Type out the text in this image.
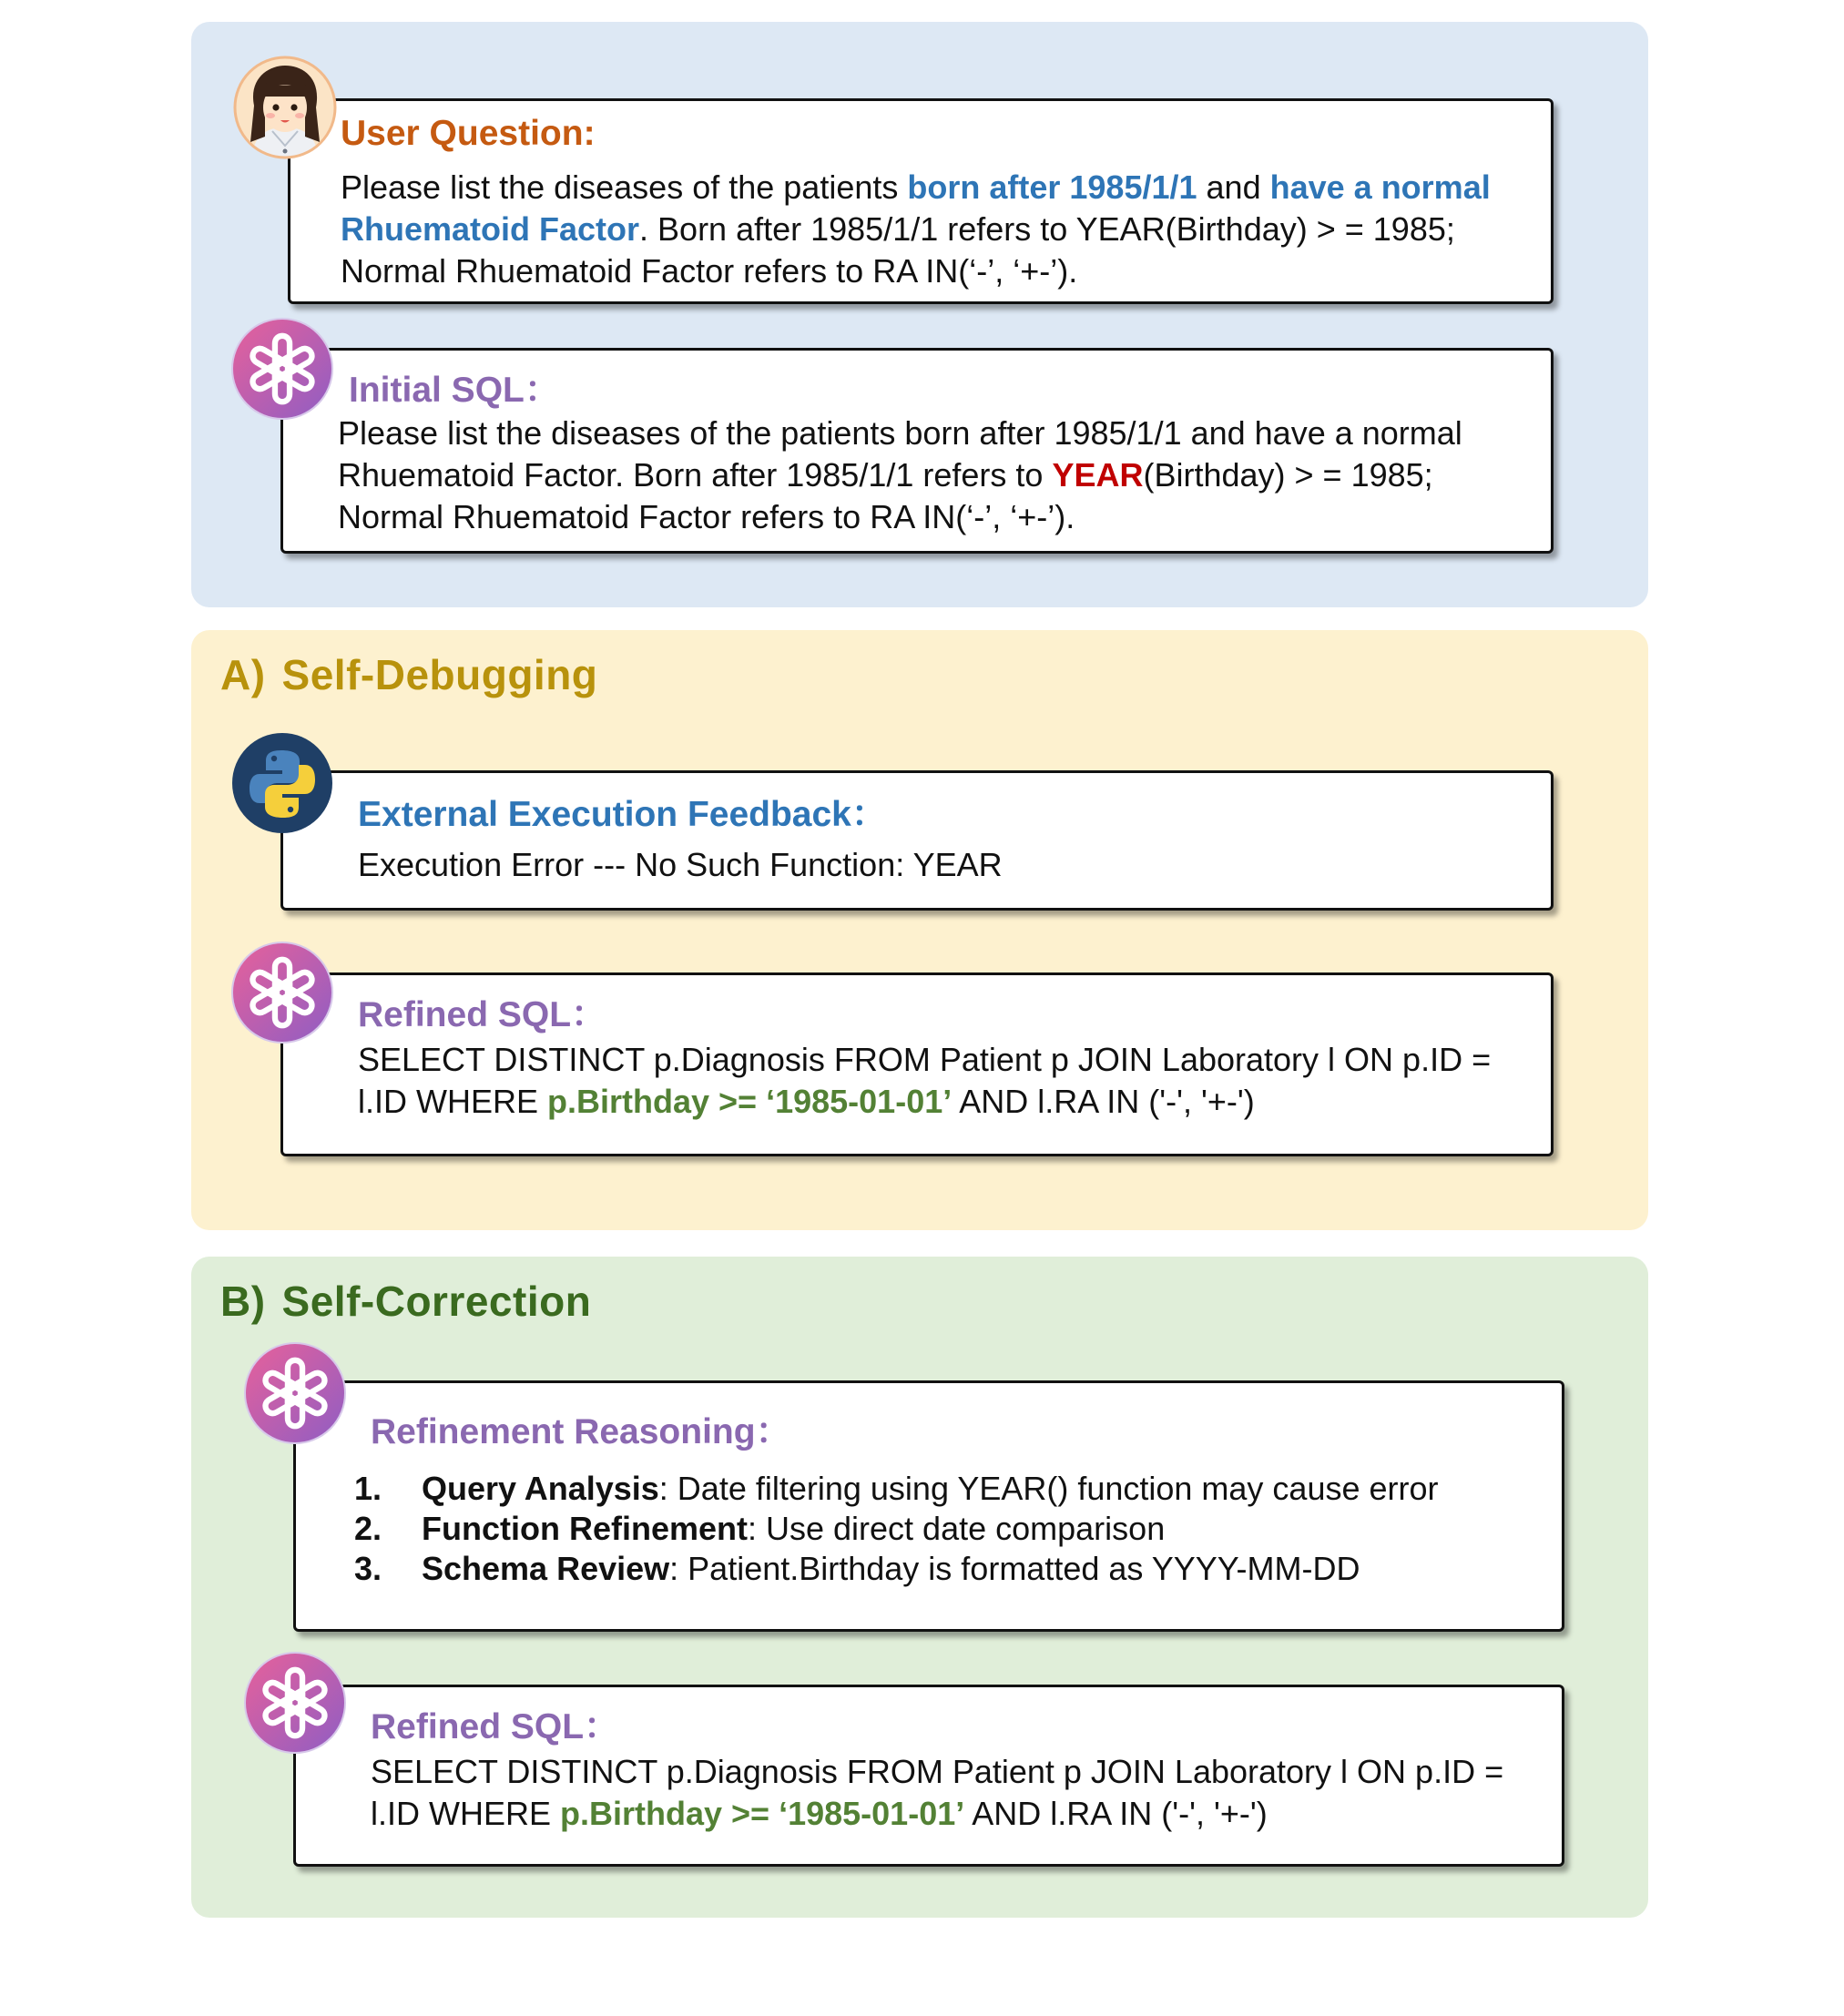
User Question:
Please list the diseases of the patients born after 1985/1/1 and have a normal
Rhuematoid Factor. Born after 1985/1/1 refers to YEAR(Birthday) > = 1985;
Normal Rhuematoid Factor refers to RA IN(‘-’, ‘+-’).
Initial SQL：
Please list the diseases of the patients born after 1985/1/1 and have a normal
Rhuematoid Factor. Born after 1985/1/1 refers to YEAR(Birthday) > = 1985;
Normal Rhuematoid Factor refers to RA IN(‘-’, ‘+-’).
A) Self-Debugging
External Execution Feedback：
Execution Error --- No Such Function: YEAR
Refined SQL：
SELECT DISTINCT p.Diagnosis FROM Patient p JOIN Laboratory l ON p.ID =
l.ID WHERE p.Birthday >= ‘1985-01-01’ AND l.RA IN ('-', '+-')
B) Self-Correction
Refinement Reasoning：
1.	Query Analysis: Date filtering using YEAR() function may cause error
2.	Function Refinement: Use direct date comparison
3.	Schema Review: Patient.Birthday is formatted as YYYY-MM-DD
Refined SQL：
SELECT DISTINCT p.Diagnosis FROM Patient p JOIN Laboratory l ON p.ID =
l.ID WHERE p.Birthday >= ‘1985-01-01’ AND l.RA IN ('-', '+-')
